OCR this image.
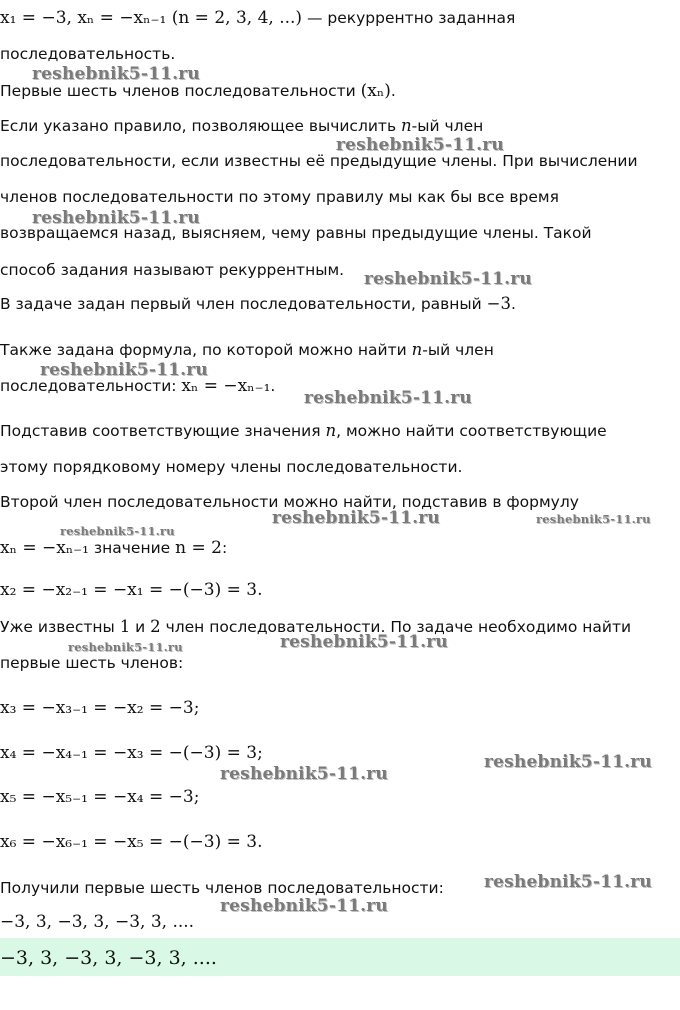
x₁ = −3, xₙ = −xₙ₋₁ (n = 2, 3, 4, ...) — рекуррентно заданная
последовательность.
reshebnik5-11.ru
Первые шесть членов последовательности (xₙ).
Если указано правило, позволяющее вычислить n-ый член
reshebnik5-11.ru
последовательности, если известны её предыдущие члены. При вычислении
членов последовательности по этому правилу мы как бы все время
reshebnik5-11.ru
возвращаемся назад, выясняем, чему равны предыдущие члены. Такой
способ задания называют рекуррентным. reshebnik5-11.ru
В задаче задан первый член последовательности, равный −3.
Также задана формула, по которой можно найти n-ый член
reshebnik5-11.ru
последовательности: xₙ = −xₙ₋₁.
reshebnik5-11.ru
Подставив соответствующие значения n, можно найти соответствующие
этому порядковому номеру члены последовательности.
Второй член последовательности можно найти, подставив в формулу
reshebnik5-11.ru	reshebnik5-11.ru
reshebnik5-11.ru
xₙ = −xₙ₋₁ значение n = 2:
x₂ = −x₂₋₁ = −x₁ = −(−3) = 3.
Уже известны 1 и 2 член последовательности. По задаче необходимо найти
reshebnik5-11.ru
reshebnik5-11.ru
первые шесть членов:
x₃ = −x₃₋₁ = −x₂ = −3;
x₄ = −x₄₋₁ = −x₃ = −(−3) = 3;	reshebnik5-11.ru
reshebnik5-11.ru
x₅ = −x₅₋₁ = −x₄ = −3;
x₆ = −x₆₋₁ = −x₅ = −(−3) = 3.
Получили первые шесть членов последовательности: reshebnik5-11.ru
reshebnik5-11.ru
−3, 3, −3, 3, −3, 3, ....
−3, 3, −3, 3, −3, 3, ....
